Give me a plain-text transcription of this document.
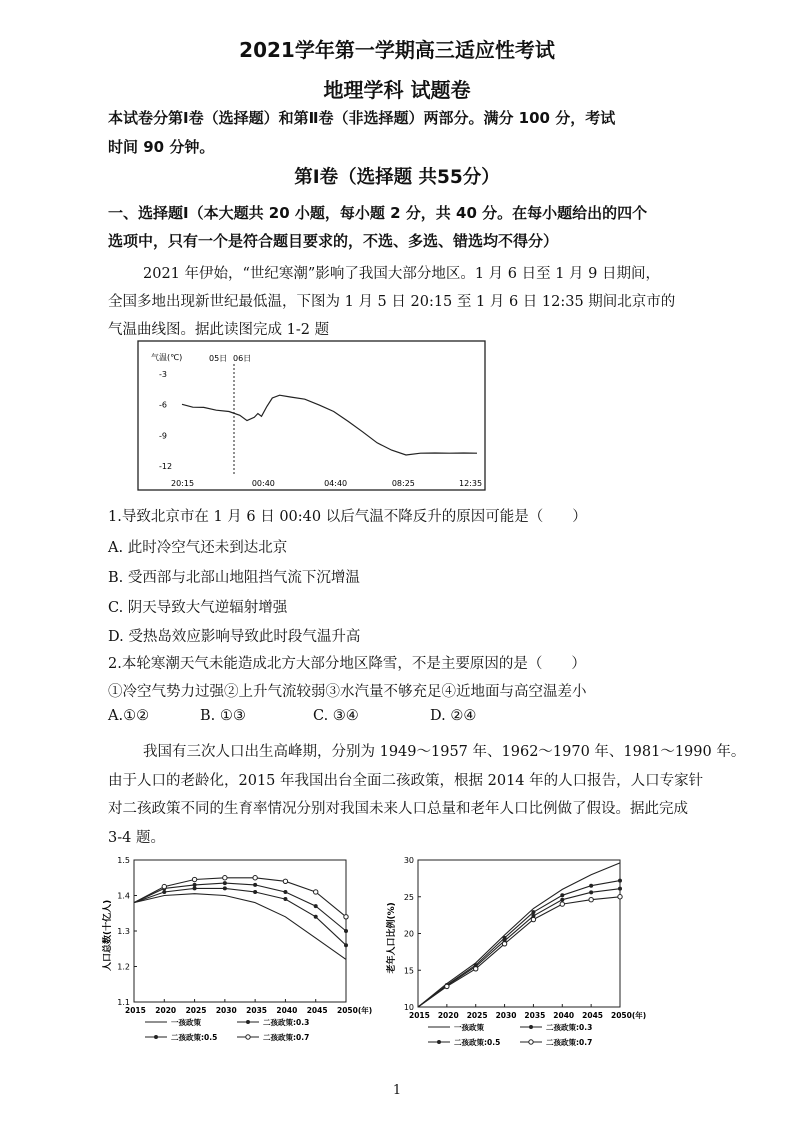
2021学年第一学期高三适应性考试
地理学科 试题卷
本试卷分第Ⅰ卷（选择题）和第Ⅱ卷（非选择题）两部分。满分 100 分，考试
时间 90 分钟。
第Ⅰ卷（选择题 共55分）
一、选择题Ⅰ（本大题共 20 小题，每小题 2 分，共 40 分。在每小题给出的四个
选项中，只有一个是符合题目要求的，不选、多选、错选均不得分）
2021 年伊始，“世纪寒潮”影响了我国大部分地区。1 月 6 日至 1 月 9 日期间，
全国多地出现新世纪最低温，下图为 1 月 5 日 20:15 至 1 月 6 日 12:35 期间北京市的
气温曲线图。据此读图完成 1-2 题
气温(℃)	05日 06日
-3
-6
-9
-12
20:15	00:40	04:40	08:25	12:35
1.导致北京市在 1 月 6 日 00:40 以后气温不降反升的原因可能是（　　）
A. 此时冷空气还未到达北京
B. 受西部与北部山地阻挡气流下沉增温
C. 阴天导致大气逆辐射增强
D. 受热岛效应影响导致此时段气温升高
2.本轮寒潮天气未能造成北方大部分地区降雪，不是主要原因的是（　　）
①冷空气势力过强②上升气流较弱③水汽量不够充足④近地面与高空温差小
A.①②	B. ①③	C. ③④	D. ②④
我国有三次人口出生高峰期，分别为 1949～1957 年、1962～1970 年、1981～1990 年。
由于人口的老龄化，2015 年我国出台全面二孩政策，根据 2014 年的人口报告，人口专家针
对二孩政策不同的生育率情况分别对我国未来人口总量和老年人口比例做了假设。据此完成
3-4 题。
1.5
1.4
1.3
1.2
1.1
2015 2020 2025 2030 2035 2040 2045 2050(年)
人口总数(十亿人)
一孩政策	二孩政策:0.3
二孩政策:0.5	二孩政策:0.7
30
25
20
15
10
2015 2020 2025 2030 2035 2040 2045 2050(年)
老年人口比例(%)
一孩政策	二孩政策:0.3
二孩政策:0.5	二孩政策:0.7
1
